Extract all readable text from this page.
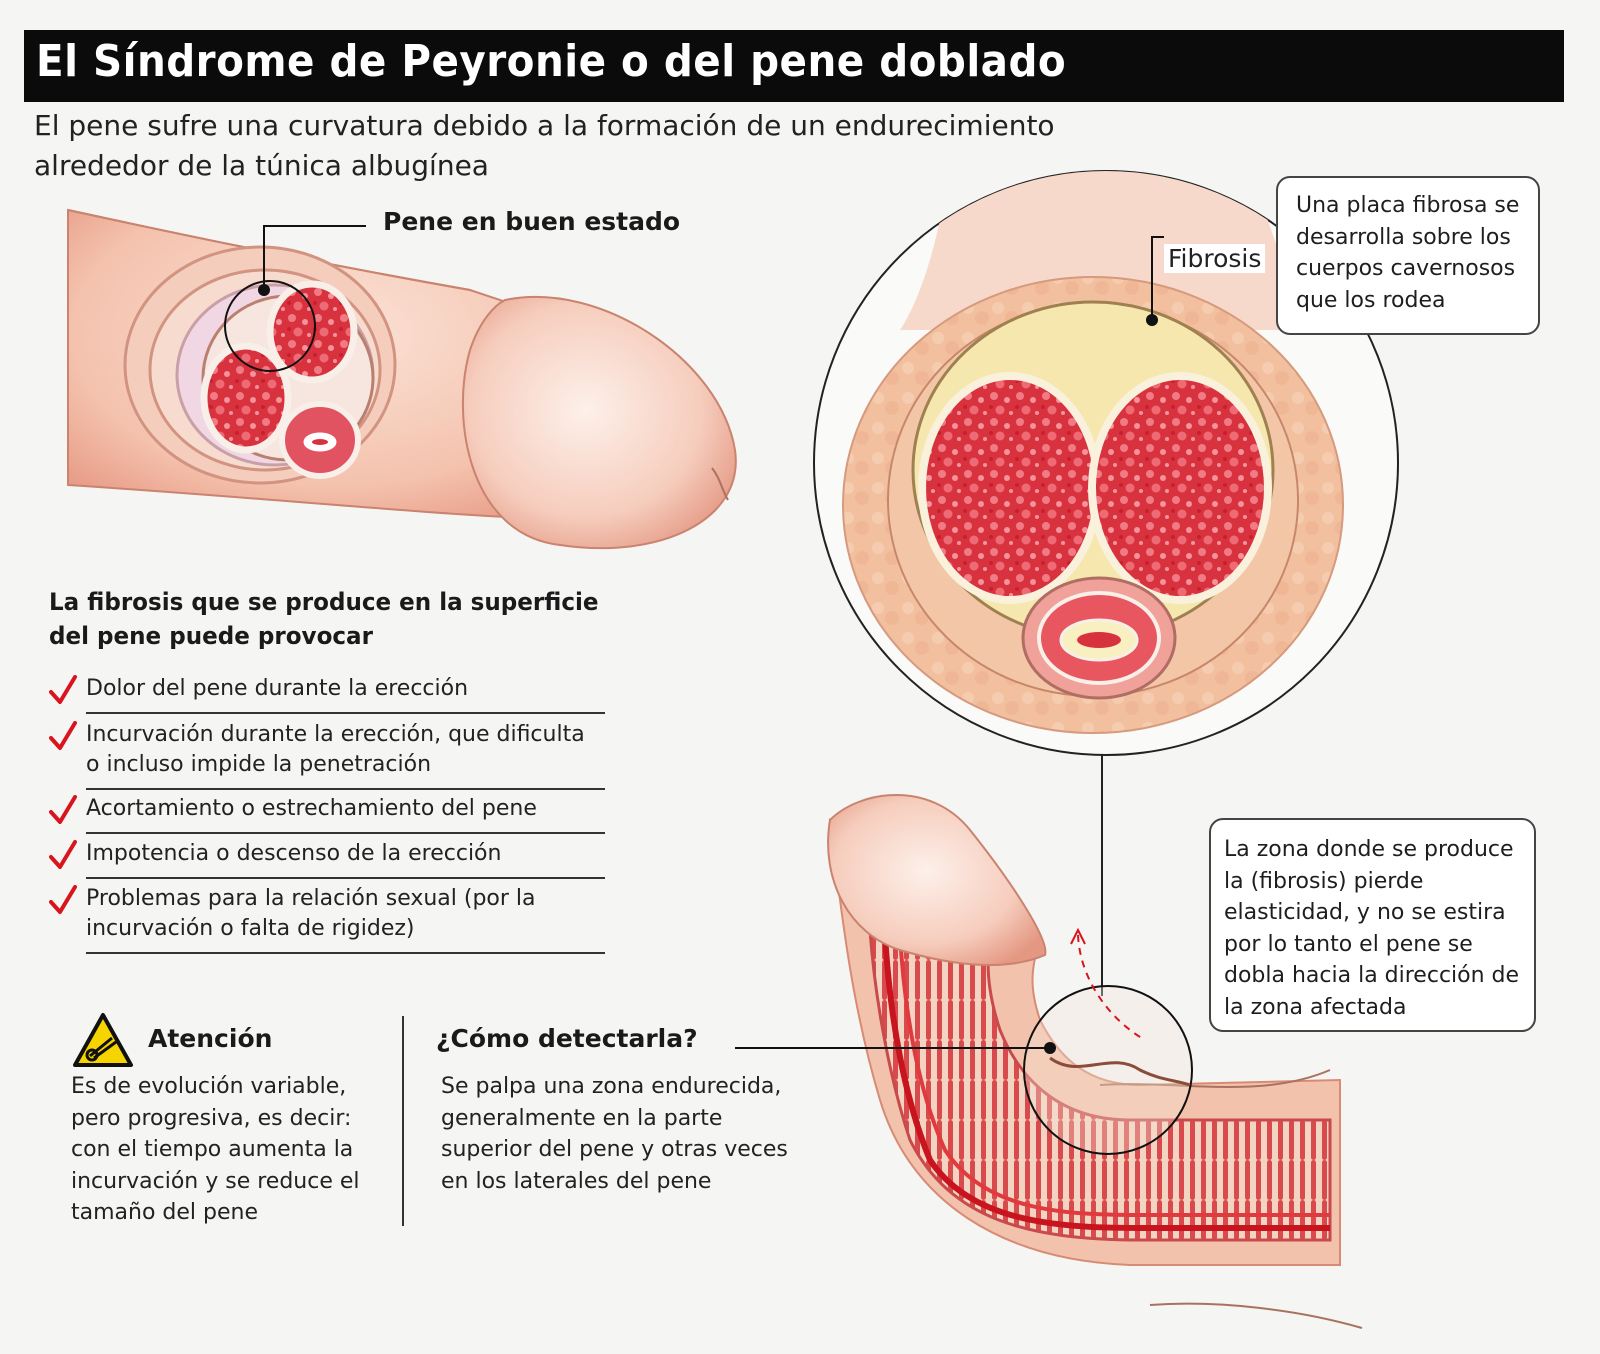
El Síndrome de Peyronie o del pene doblado
El pene sufre una curvatura debido a la formación de un endurecimiento alrededor de la túnica albugínea
Pene en buen estado
Fibrosis
Una placa fibrosa se desarrolla sobre los cuerpos cavernosos que los rodea
La zona donde se produce la (fibrosis) pierde elasticidad, y no se estira por lo tanto el pene se dobla hacia la dirección de la zona afectada
La fibrosis que se produce en la superficie del pene puede provocar
Dolor del pene durante la erección
Incurvación durante la erección, que dificulta o incluso impide la penetración
Acortamiento o estrechamiento del pene
Impotencia o descenso de la erección
Problemas para la relación sexual (por la incurvación o falta de rigidez)
Atención
Es de evolución variable, pero progresiva, es decir: con el tiempo aumenta la incurvación y se reduce el tamaño del pene
¿Cómo detectarla?
Se palpa una zona endurecida, generalmente en la parte superior del pene y otras veces en los laterales del pene
